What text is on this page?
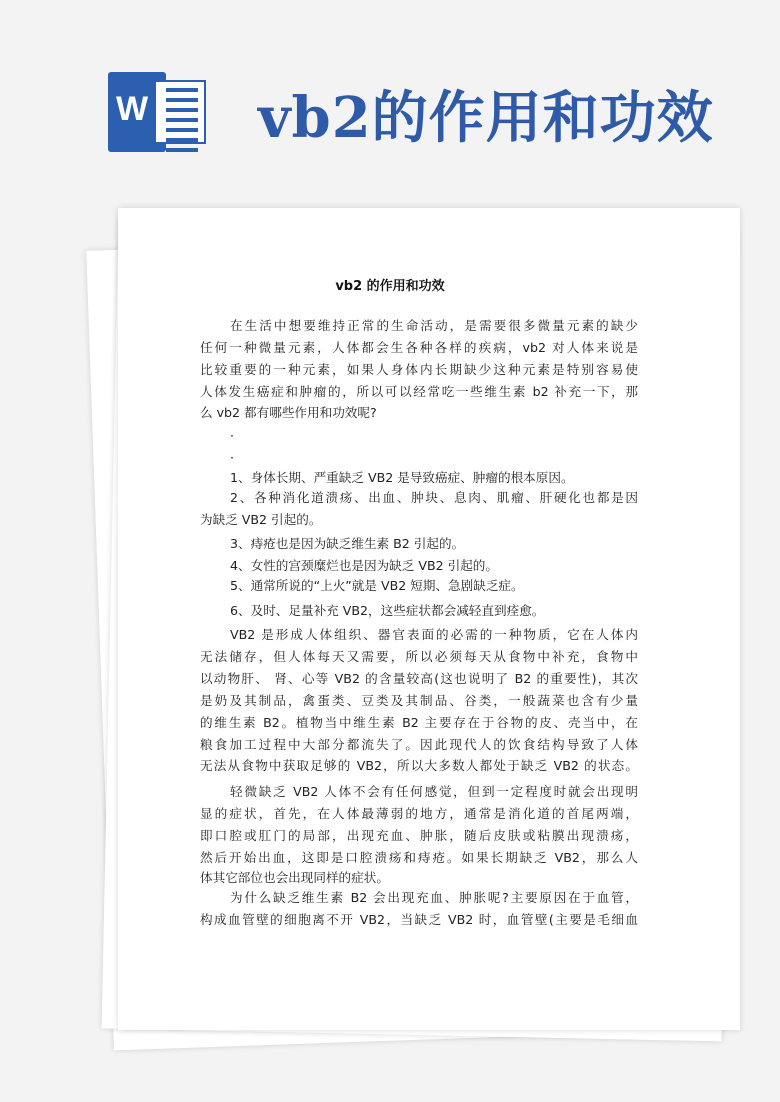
W vb2的作用和功效
vb2 的作用和功效
在生活中想要维持正常的生命活动，是需要很多微量元素的缺少
任何一种微量元素，人体都会生各种各样的疾病，vb2 对人体来说是
比较重要的一种元素，如果人身体内长期缺少这种元素是特别容易使
人体发生癌症和肿瘤的，所以可以经常吃一些维生素 b2 补充一下，那
么 vb2 都有哪些作用和功效呢?
·
·
1、身体长期、严重缺乏 VB2 是导致癌症、肿瘤的根本原因。
2、各种消化道溃疡、出血、肿块、息肉、肌瘤、肝硬化也都是因
为缺乏 VB2 引起的。
3、痔疮也是因为缺乏维生素 B2 引起的。
4、女性的宫颈糜烂也是因为缺乏 VB2 引起的。
5、通常所说的“上火”就是 VB2 短期、急剧缺乏症。
6、及时、足量补充 VB2，这些症状都会减轻直到痊愈。
VB2 是形成人体组织、器官表面的必需的一种物质，它在人体内
无法储存，但人体每天又需要，所以必须每天从食物中补充，食物中
以动物肝、 肾、心等 VB2 的含量较高(这也说明了 B2 的重要性)，其次
是奶及其制品，禽蛋类、豆类及其制品、谷类，一般蔬菜也含有少量
的维生素 B2。植物当中维生素 B2 主要存在于谷物的皮、壳当中，在
粮食加工过程中大部分都流失了。因此现代人的饮食结构导致了人体
无法从食物中获取足够的 VB2，所以大多数人都处于缺乏 VB2 的状态。
轻微缺乏 VB2 人体不会有任何感觉，但到一定程度时就会出现明
显的症状，首先，在人体最薄弱的地方，通常是消化道的首尾两端，
即口腔或肛门的局部，出现充血、肿胀，随后皮肤或粘膜出现溃疡，
然后开始出血，这即是口腔溃疡和痔疮。如果长期缺乏 VB2，那么人
体其它部位也会出现同样的症状。
为什么缺乏维生素 B2 会出现充血、肿胀呢?主要原因在于血管，
构成血管壁的细胞离不开 VB2，当缺乏 VB2 时，血管壁(主要是毛细血
